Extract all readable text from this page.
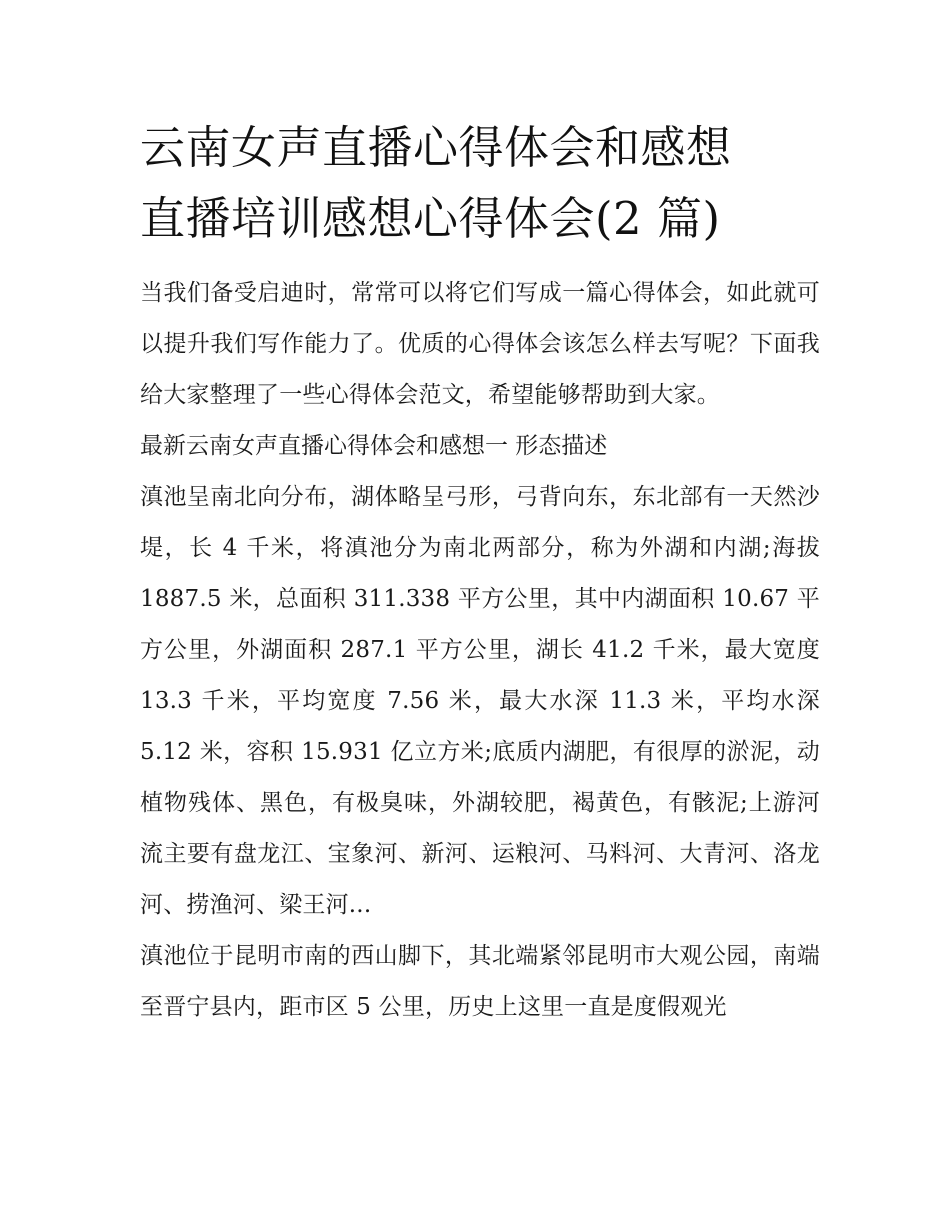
云南女声直播心得体会和感想
直播培训感想心得体会(2 篇)

当我们备受启迪时，常常可以将它们写成一篇心得体会，如此就可以提升我们写作能力了。优质的心得体会该怎么样去写呢？下面我给大家整理了一些心得体会范文，希望能够帮助到大家。

最新云南女声直播心得体会和感想一 形态描述

滇池呈南北向分布，湖体略呈弓形，弓背向东，东北部有一天然沙堤，长 4 千米，将滇池分为南北两部分，称为外湖和内湖;海拔 1887.5 米，总面积 311.338 平方公里，其中内湖面积 10.67 平方公里，外湖面积 287.1 平方公里，湖长 41.2 千米，最大宽度 13.3 千米，平均宽度 7.56 米，最大水深 11.3 米，平均水深 5.12 米，容积 15.931 亿立方米;底质内湖肥，有很厚的淤泥，动植物残体、黑色，有极臭味，外湖较肥，褐黄色，有骸泥;上游河流主要有盘龙江、宝象河、新河、运粮河、马料河、大青河、洛龙河、捞渔河、梁王河...

滇池位于昆明市南的西山脚下，其北端紧邻昆明市大观公园，南端至晋宁县内，距市区 5 公里，历史上这里一直是度假观光
